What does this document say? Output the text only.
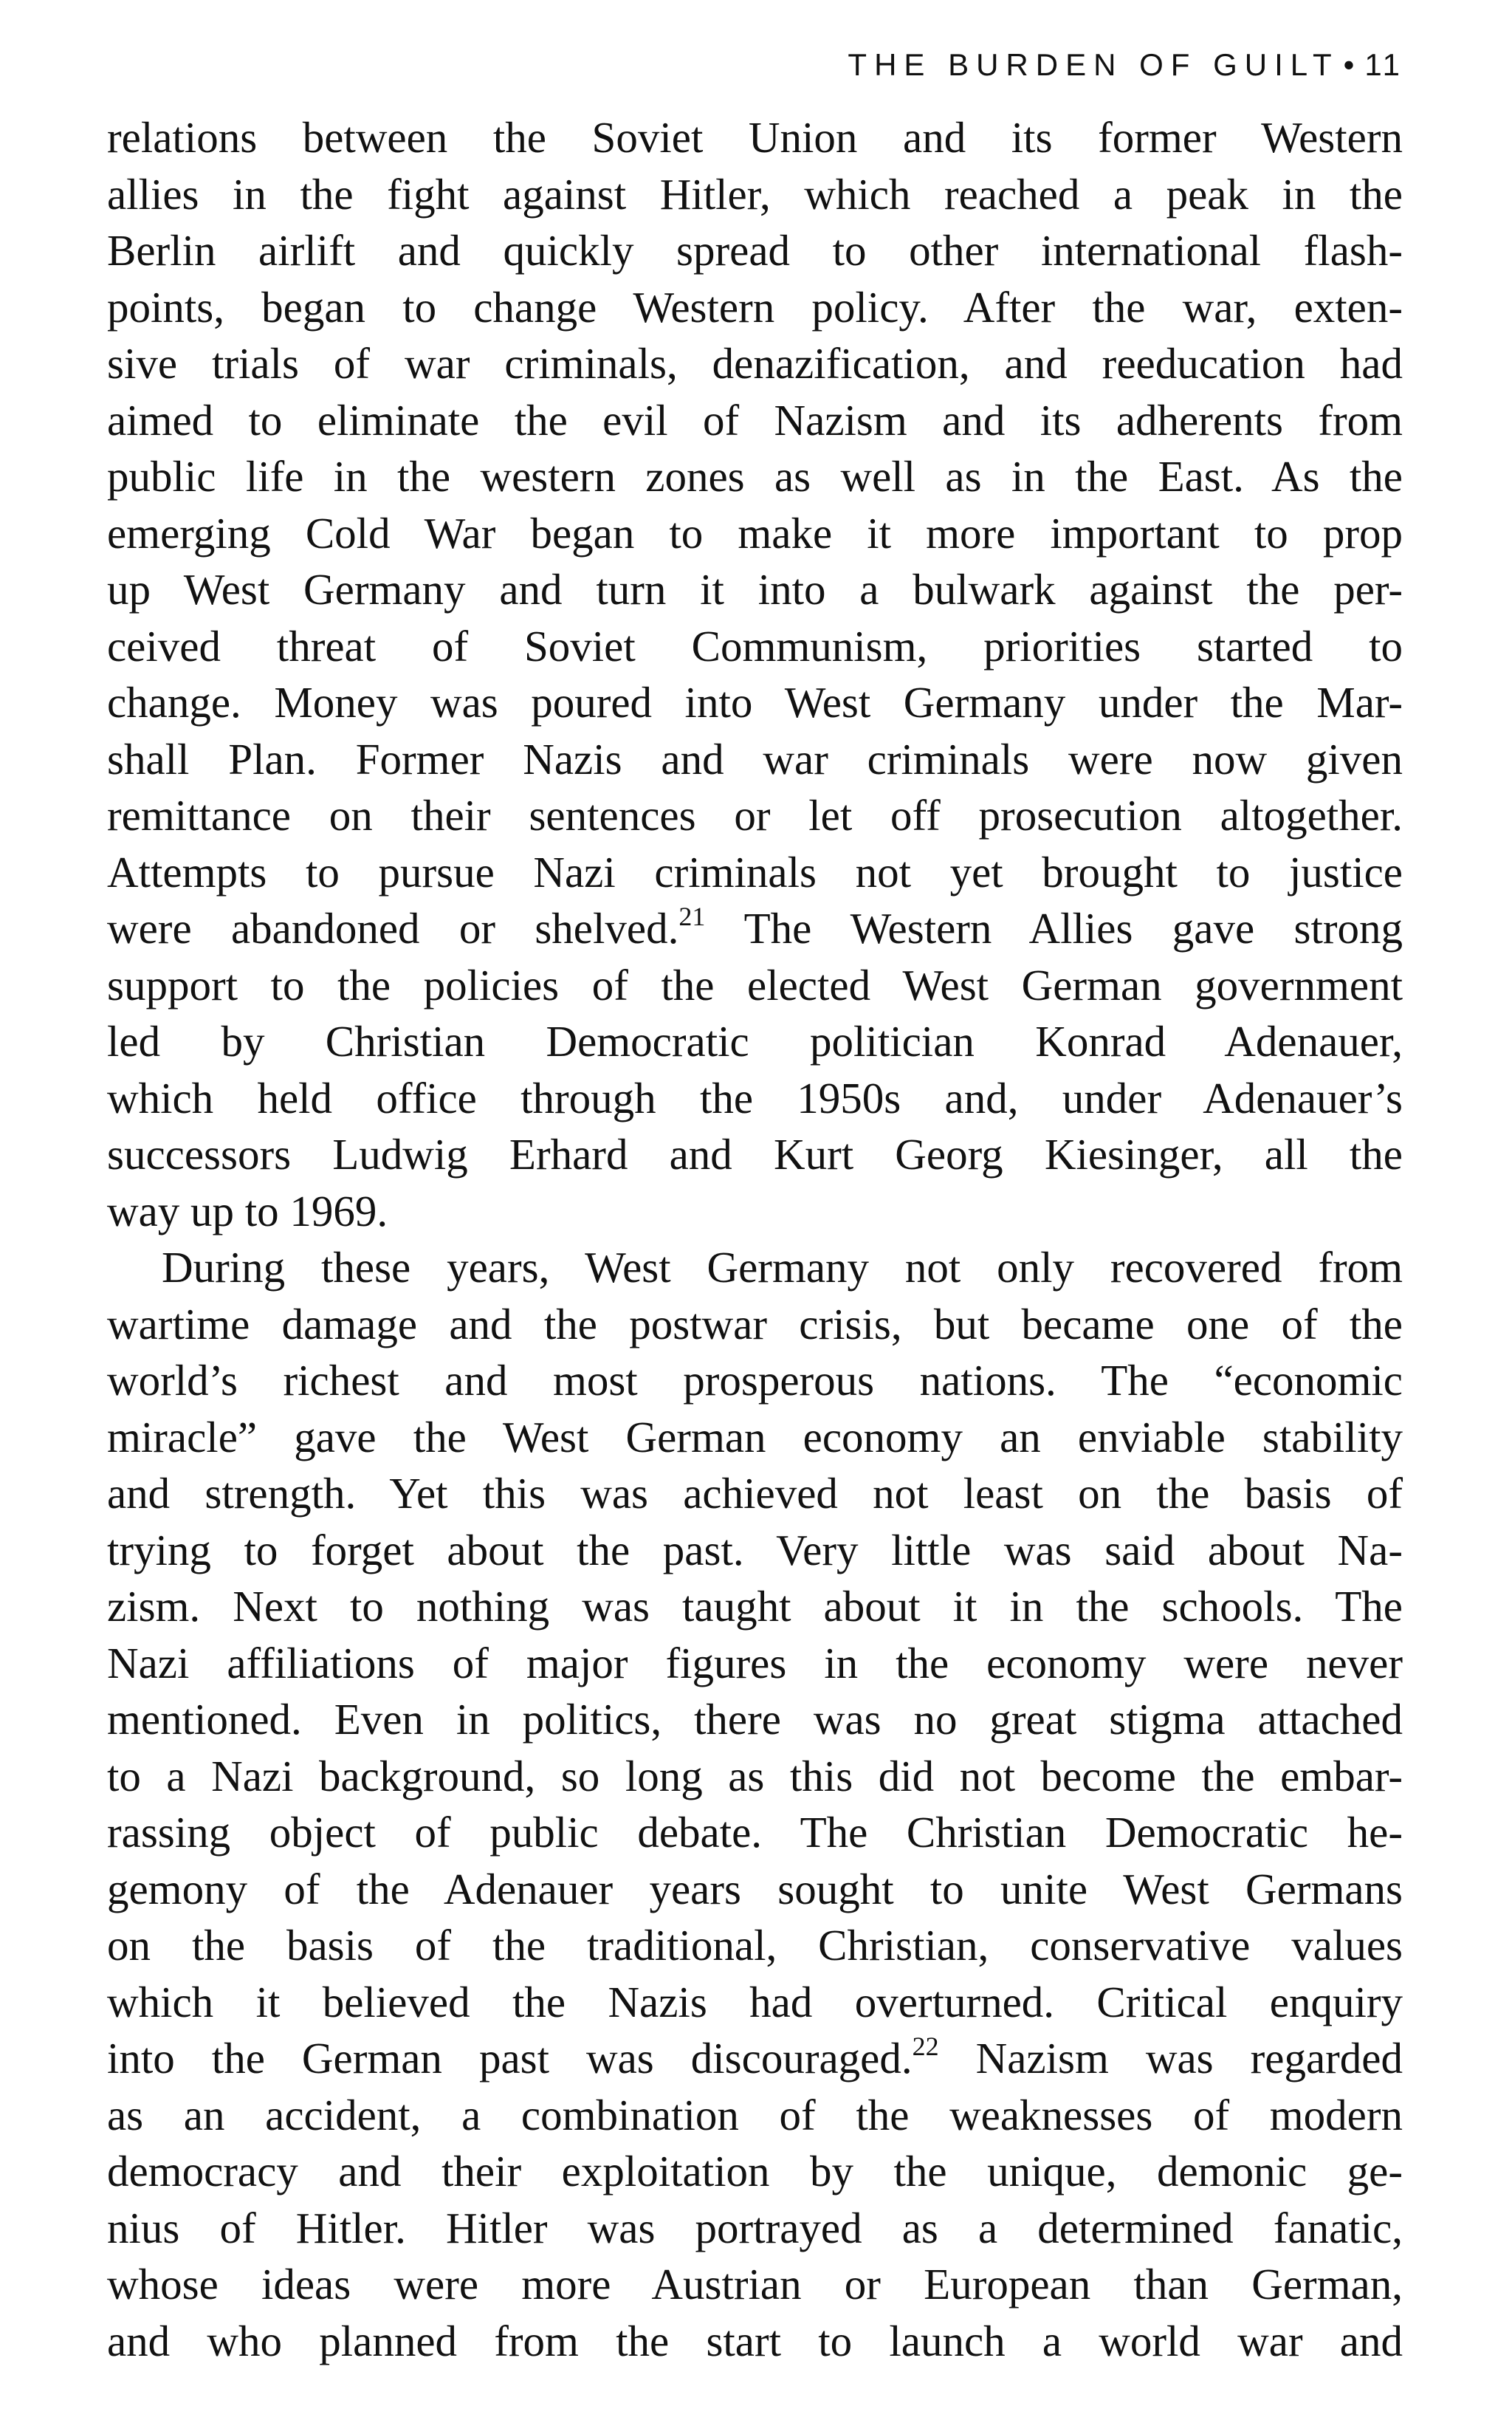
THE BURDEN OF GUILT • 11
relations between the Soviet Union and its former Western
allies in the fight against Hitler, which reached a peak in the
Berlin airlift and quickly spread to other international flash-
points, began to change Western policy. After the war, exten-
sive trials of war criminals, denazification, and reeducation had
aimed to eliminate the evil of Nazism and its adherents from
public life in the western zones as well as in the East. As the
emerging Cold War began to make it more important to prop
up West Germany and turn it into a bulwark against the per-
ceived threat of Soviet Communism, priorities started to
change. Money was poured into West Germany under the Mar-
shall Plan. Former Nazis and war criminals were now given
remittance on their sentences or let off prosecution altogether.
Attempts to pursue Nazi criminals not yet brought to justice
were abandoned or shelved.$^{21}$ The Western Allies gave strong
support to the policies of the elected West German government
led by Christian Democratic politician Konrad Adenauer,
which held office through the 1950s and, under Adenauer’s
successors Ludwig Erhard and Kurt Georg Kiesinger, all the
way up to 1969.
During these years, West Germany not only recovered from
wartime damage and the postwar crisis, but became one of the
world’s richest and most prosperous nations. The “economic
miracle” gave the West German economy an enviable stability
and strength. Yet this was achieved not least on the basis of
trying to forget about the past. Very little was said about Na-
zism. Next to nothing was taught about it in the schools. The
Nazi affiliations of major figures in the economy were never
mentioned. Even in politics, there was no great stigma attached
to a Nazi background, so long as this did not become the embar-
rassing object of public debate. The Christian Democratic he-
gemony of the Adenauer years sought to unite West Germans
on the basis of the traditional, Christian, conservative values
which it believed the Nazis had overturned. Critical enquiry
into the German past was discouraged.$^{22}$ Nazism was regarded
as an accident, a combination of the weaknesses of modern
democracy and their exploitation by the unique, demonic ge-
nius of Hitler. Hitler was portrayed as a determined fanatic,
whose ideas were more Austrian or European than German,
and who planned from the start to launch a world war and
